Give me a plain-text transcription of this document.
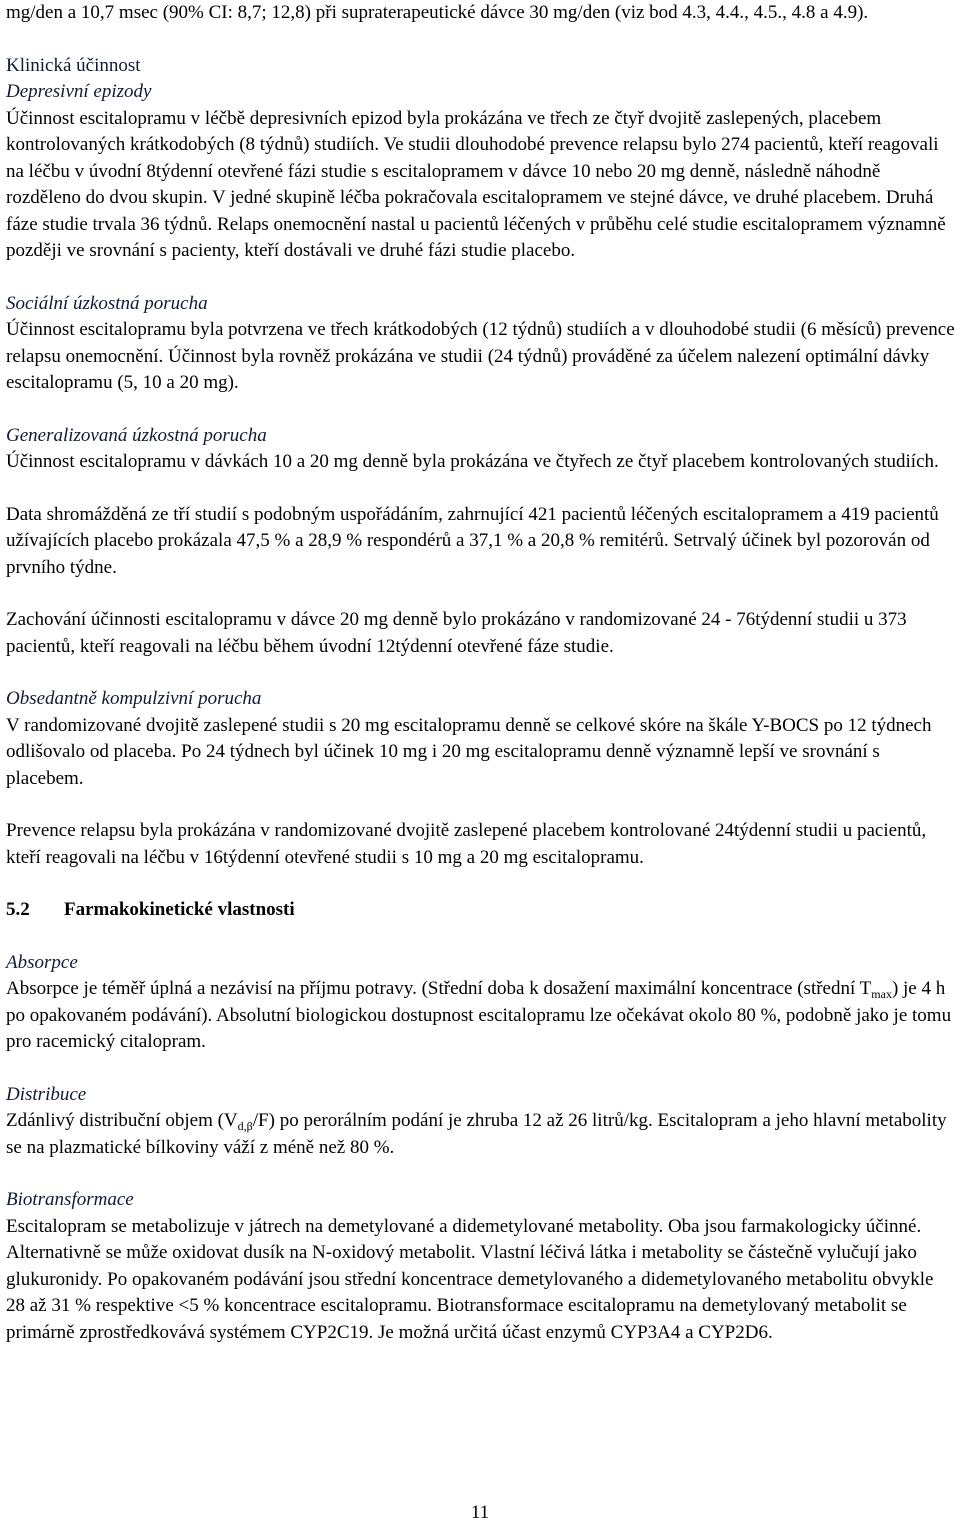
mg/den a 10,7 msec (90% CI: 8,7; 12,8) při supraterapeutické dávce 30 mg/den (viz bod 4.3, 4.4., 4.5., 4.8 a 4.9).

Klinická účinnost
Depresivní epizody

Účinnost escitalopramu v léčbě depresivních epizod byla prokázána ve třech ze čtyř dvojitě zaslepených, placebem kontrolovaných krátkodobých (8 týdnů) studiích. Ve studii dlouhodobé prevence relapsu bylo 274 pacientů, kteří reagovali na léčbu v úvodní 8týdenní otevřené fázi studie s escitalopramem v dávce 10 nebo 20 mg denně, následně náhodně rozděleno do dvou skupin. V jedné skupině léčba pokračovala escitalopramem ve stejné dávce, ve druhé placebem. Druhá fáze studie trvala 36 týdnů. Relaps onemocnění nastal u pacientů léčených v průběhu celé studie escitalopramem významně později ve srovnání s pacienty, kteří dostávali ve druhé fázi studie placebo.

Sociální úzkostná porucha

Účinnost escitalopramu byla potvrzena ve třech krátkodobých (12 týdnů) studiích a v dlouhodobé studii (6 měsíců) prevence relapsu onemocnění. Účinnost byla rovněž prokázána ve studii (24 týdnů) prováděné za účelem nalezení optimální dávky escitalopramu (5, 10 a 20 mg).

Generalizovaná úzkostná porucha

Účinnost escitalopramu v dávkách 10 a 20 mg denně byla prokázána ve čtyřech ze čtyř placebem kontrolovaných studiích.

Data shromážděná ze tří studií s podobným uspořádáním, zahrnující 421 pacientů léčených escitalopramem a 419 pacientů užívajících placebo prokázala 47,5 % a 28,9 % respondérů a 37,1 % a 20,8 % remitérů. Setrvalý účinek byl pozorován od prvního týdne.

Zachování účinnosti escitalopramu v dávce 20 mg denně bylo prokázáno v randomizované 24 - 76týdenní studii u 373 pacientů, kteří reagovali na léčbu během úvodní 12týdenní otevřené fáze studie.

Obsedantně kompulzivní porucha

V randomizované dvojitě zaslepené studii s 20 mg escitalopramu denně se celkové skóre na škále Y-BOCS po 12 týdnech odlišovalo od placeba. Po 24 týdnech byl účinek 10 mg i 20 mg escitalopramu denně významně lepší ve srovnání s placebem.

Prevence relapsu byla prokázána v randomizované dvojitě zaslepené placebem kontrolované 24týdenní studii u pacientů, kteří reagovali na léčbu v 16týdenní otevřené studii s 10 mg a 20 mg escitalopramu.

5.2 Farmakokinetické vlastnosti
Absorpce

Absorpce je téměř úplná a nezávisí na příjmu potravy. (Střední doba k dosažení maximální koncentrace (střední $T_{max}$) je 4 h po opakovaném podávání). Absolutní biologickou dostupnost escitalopramu lze očekávat okolo 80 %, podobně jako je tomu pro racemický citalopram.

Distribuce

Zdánlivý distribuční objem $(V_{d,\beta}/F)$ po perorálním podání je zhruba 12 až 26 litrů/kg. Escitalopram a jeho hlavní metabolity se na plazmatické bílkoviny váží z méně než 80 %.

Biotransformace

Escitalopram se metabolizuje v játrech na demetylované a didemetylované metabolity. Oba jsou farmakologicky účinné. Alternativně se může oxidovat dusík na N-oxidový metabolit. Vlastní léčivá látka i metabolity se částečně vylučují jako glukuronidy. Po opakovaném podávání jsou střední koncentrace demetylovaného a didemetylovaného metabolitu obvykle 28 až 31 % respektive <5 % koncentrace escitalopramu. Biotransformace escitalopramu na demetylovaný metabolit se primárně zprostředkovává systémem CYP2C19. Je možná určitá účast enzymů CYP3A4 a CYP2D6.

11
